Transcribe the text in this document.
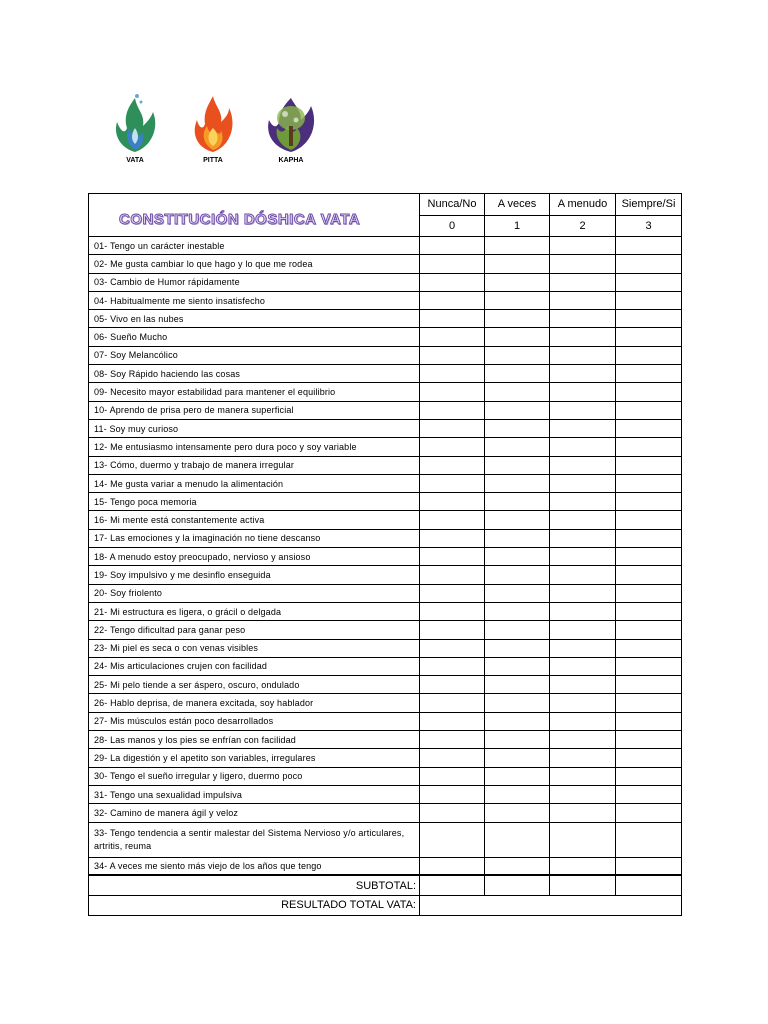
VATA	PITTA	KAPHA
CONSTITUCIÓN DÓSHICA VATA	Nunca/No	A veces	A menudo	Siempre/Si
	0	1	2	3
01- Tengo un carácter inestable				
02- Me gusta cambiar lo que hago y lo que me rodea				
03- Cambio de Humor rápidamente				
04- Habitualmente me siento insatisfecho				
05- Vivo en las nubes				
06- Sueño Mucho				
07- Soy Melancólico				
08- Soy Rápido haciendo las cosas				
09- Necesito mayor estabilidad para mantener el equilibrio				
10- Aprendo de prisa pero de manera superficial				
11- Soy muy curioso				
12- Me entusiasmo intensamente pero dura poco y soy variable				
13- Cómo, duermo y trabajo de manera irregular				
14- Me gusta variar a menudo la alimentación				
15- Tengo poca memoria				
16- Mi mente está constantemente activa				
17- Las emociones y la imaginación no tiene descanso				
18- A menudo estoy preocupado, nervioso y ansioso				
19- Soy impulsivo y me desinflo enseguida				
20- Soy friolento				
21- Mi estructura es ligera, o grácil o delgada				
22- Tengo dificultad para ganar peso				
23- Mi piel es seca o con venas visibles				
24- Mis articulaciones crujen con facilidad				
25- Mi pelo tiende a ser áspero, oscuro, ondulado				
26- Hablo deprisa, de manera excitada, soy hablador				
27- Mis músculos están poco desarrollados				
28- Las manos y los pies se enfrían con facilidad				
29- La digestión y el apetito son variables, irregulares				
30- Tengo el sueño irregular y ligero, duermo poco				
31- Tengo una sexualidad impulsiva				
32- Camino de manera ágil y veloz				
33- Tengo tendencia a sentir malestar del Sistema Nervioso y/o articulares, artritis, reuma				
34- A veces me siento más viejo de los años que tengo				
SUBTOTAL:				
RESULTADO TOTAL VATA:				
